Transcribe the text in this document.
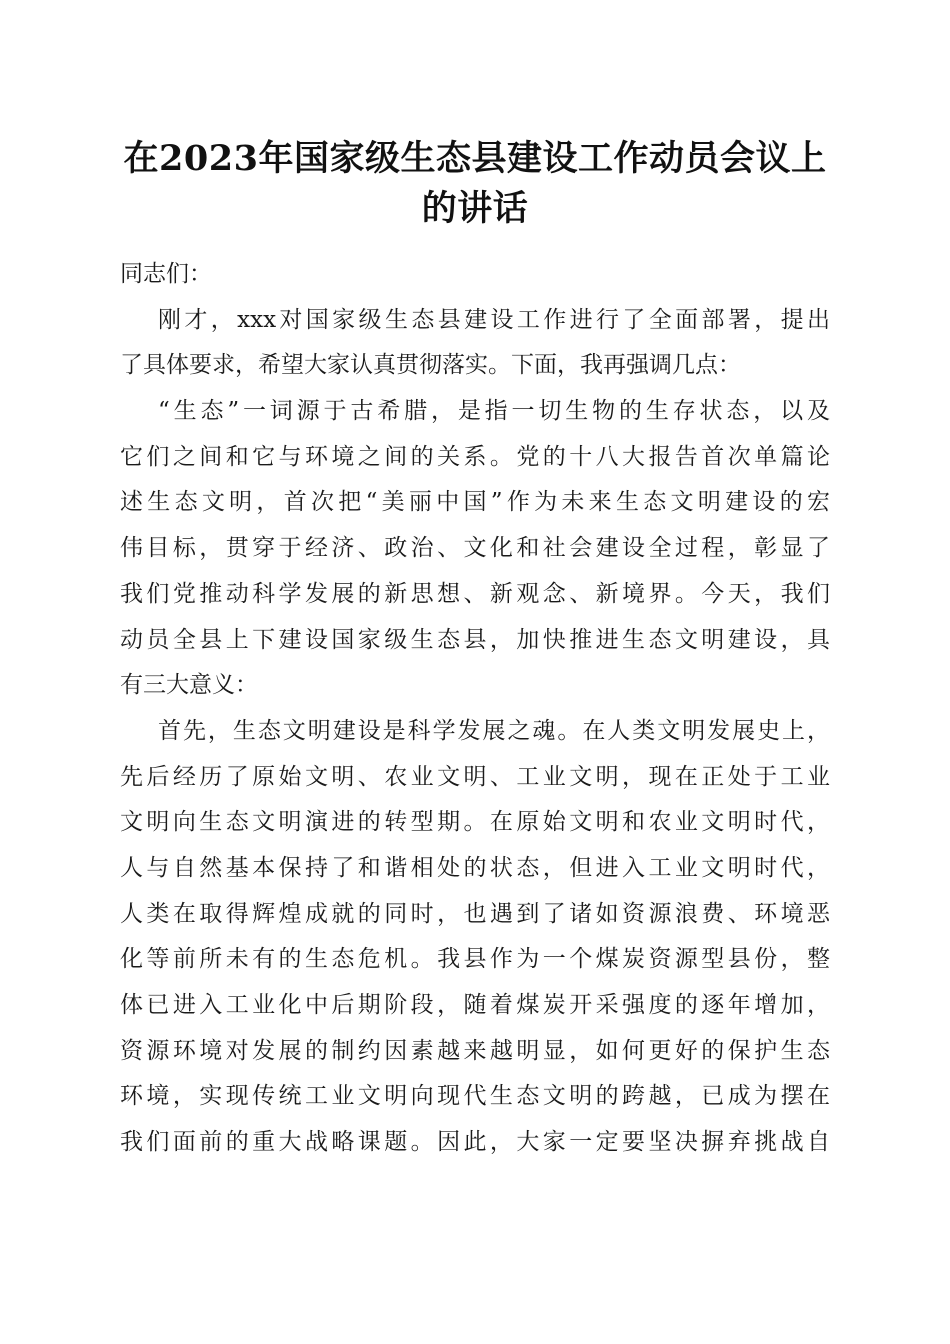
在2023年国家级生态县建设工作动员会议上
的讲话
同志们：
刚才，xxx对国家级生态县建设工作进行了全面部署，提出
了具体要求，希望大家认真贯彻落实。下面，我再强调几点：
“生态”一词源于古希腊，是指一切生物的生存状态，以及
它们之间和它与环境之间的关系。党的十八大报告首次单篇论
述生态文明，首次把“美丽中国”作为未来生态文明建设的宏
伟目标，贯穿于经济、政治、文化和社会建设全过程，彰显了
我们党推动科学发展的新思想、新观念、新境界。今天，我们
动员全县上下建设国家级生态县，加快推进生态文明建设，具
有三大意义：
首先，生态文明建设是科学发展之魂。在人类文明发展史上，
先后经历了原始文明、农业文明、工业文明，现在正处于工业
文明向生态文明演进的转型期。在原始文明和农业文明时代，
人与自然基本保持了和谐相处的状态，但进入工业文明时代，
人类在取得辉煌成就的同时，也遇到了诸如资源浪费、环境恶
化等前所未有的生态危机。我县作为一个煤炭资源型县份，整
体已进入工业化中后期阶段，随着煤炭开采强度的逐年增加，
资源环境对发展的制约因素越来越明显，如何更好的保护生态
环境，实现传统工业文明向现代生态文明的跨越，已成为摆在
我们面前的重大战略课题。因此，大家一定要坚决摒弃挑战自
